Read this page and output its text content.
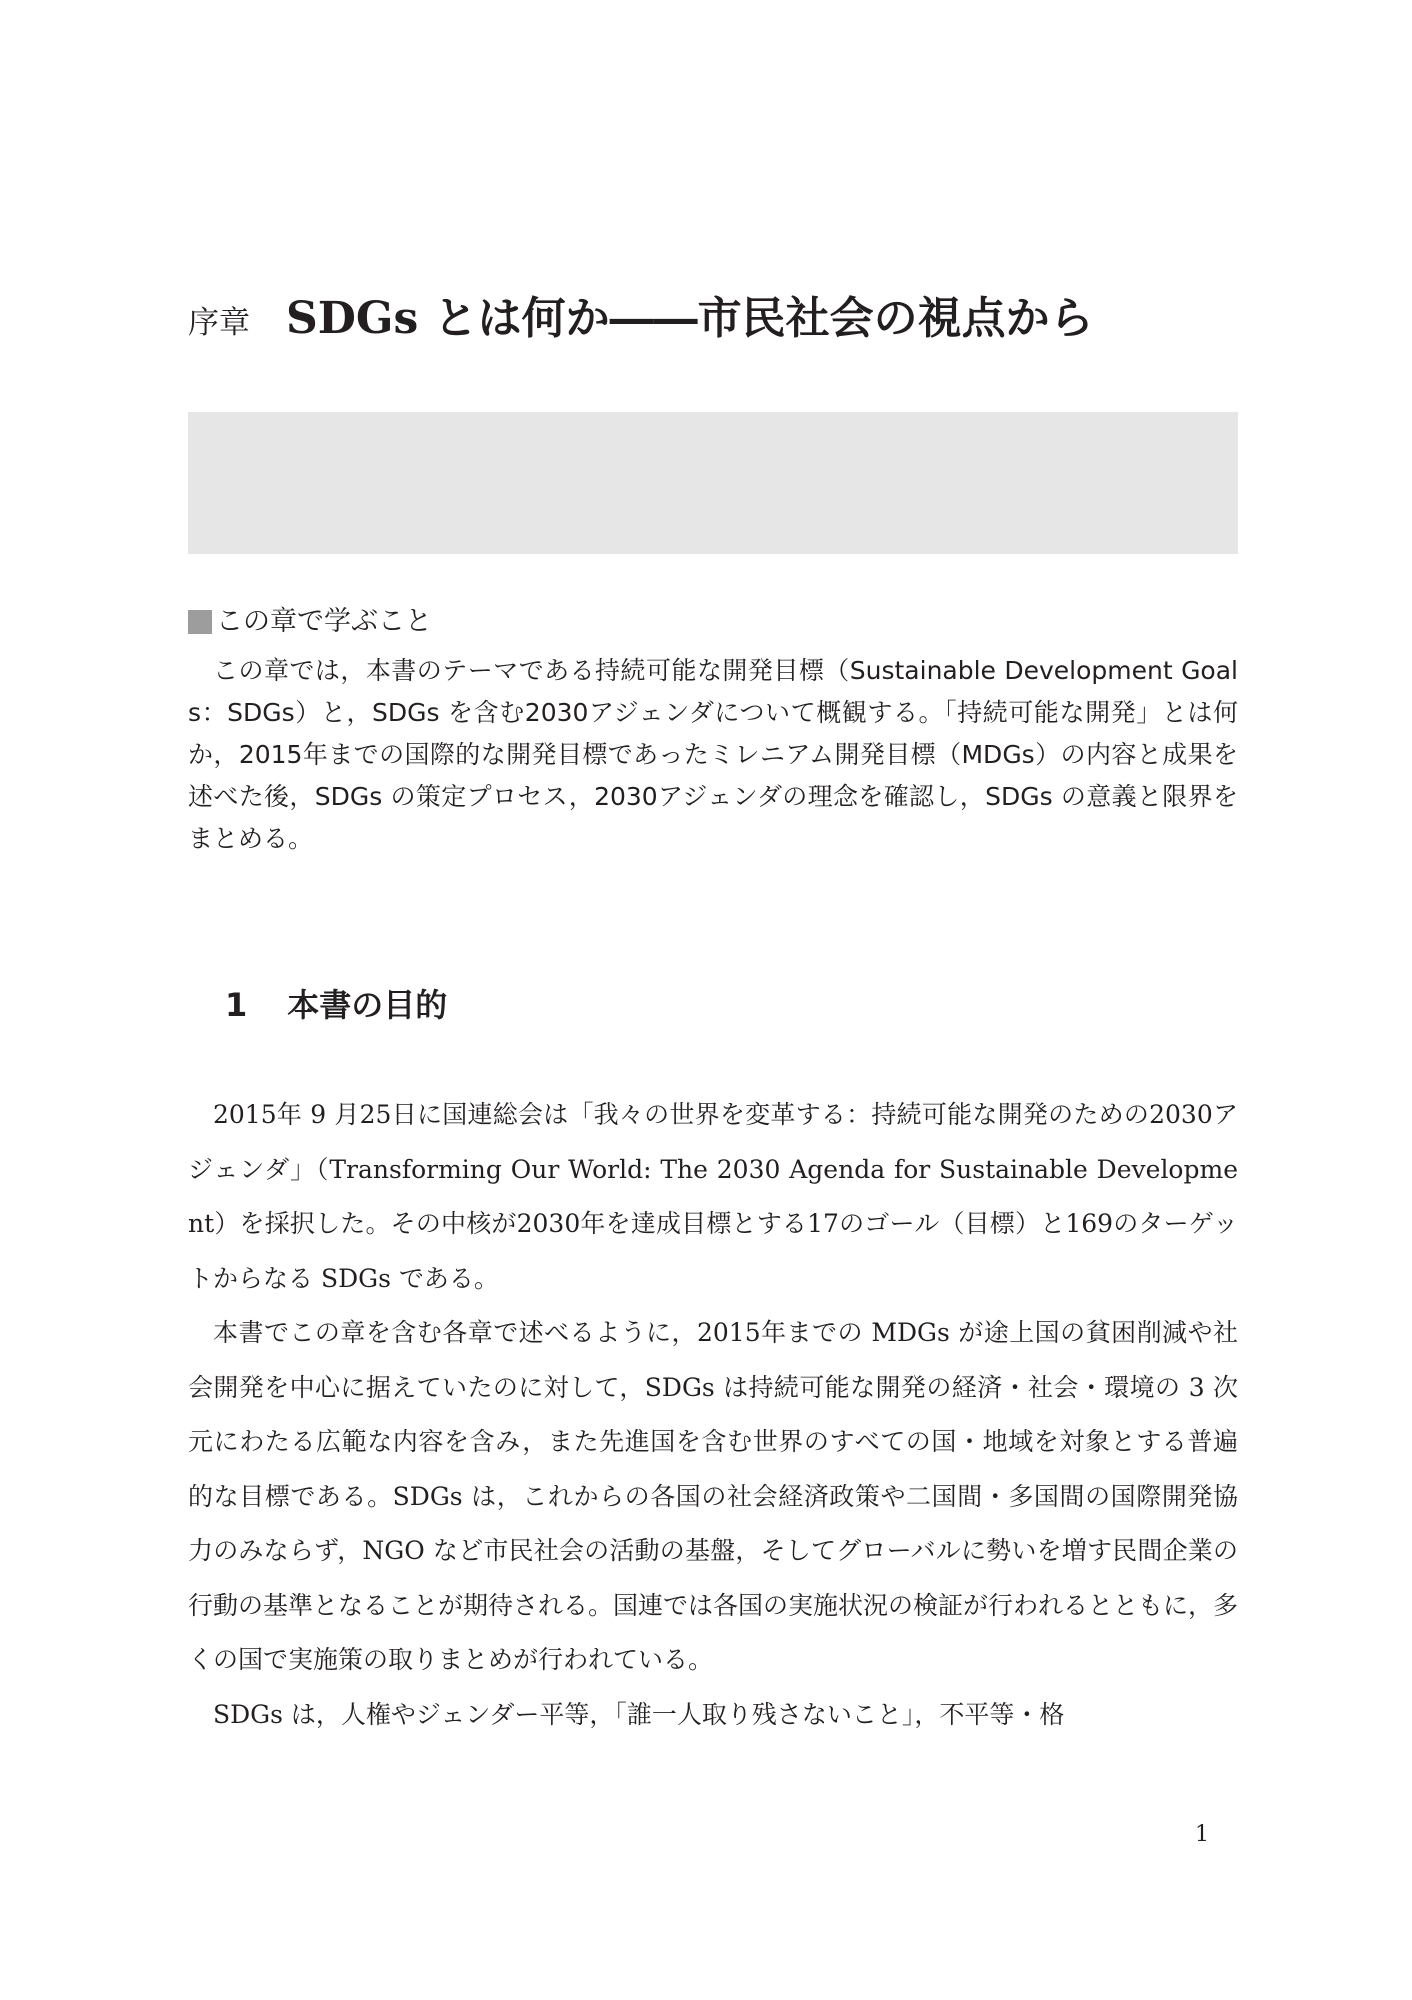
序章 SDGs とは何か――市民社会の視点から
この章で学ぶこと

この章では，本書のテーマである持続可能な開発目標（Sustainable Development Goals：SDGs）と，SDGs を含む2030アジェンダについて概観する。「持続可能な開発」とは何か，2015年までの国際的な開発目標であったミレニアム開発目標（MDGs）の内容と成果を述べた後，SDGs の策定プロセス，2030アジェンダの理念を確認し，SDGs の意義と限界をまとめる。

1 本書の目的

2015年 9 月25日に国連総会は「我々の世界を変革する：持続可能な開発のための2030アジェンダ」（Transforming Our World: The 2030 Agenda for Sustainable Development）を採択した。その中核が2030年を達成目標とする17のゴール（目標）と169のターゲットからなる SDGs である。

本書でこの章を含む各章で述べるように，2015年までの MDGs が途上国の貧困削減や社会開発を中心に据えていたのに対して，SDGs は持続可能な開発の経済・社会・環境の 3 次元にわたる広範な内容を含み，また先進国を含む世界のすべての国・地域を対象とする普遍的な目標である。SDGs は，これからの各国の社会経済政策や二国間・多国間の国際開発協力のみならず，NGO など市民社会の活動の基盤，そしてグローバルに勢いを増す民間企業の行動の基準となることが期待される。国連では各国の実施状況の検証が行われるとともに，多くの国で実施策の取りまとめが行われている。

SDGs は，人権やジェンダー平等，「誰一人取り残さないこと」，不平等・格

1
